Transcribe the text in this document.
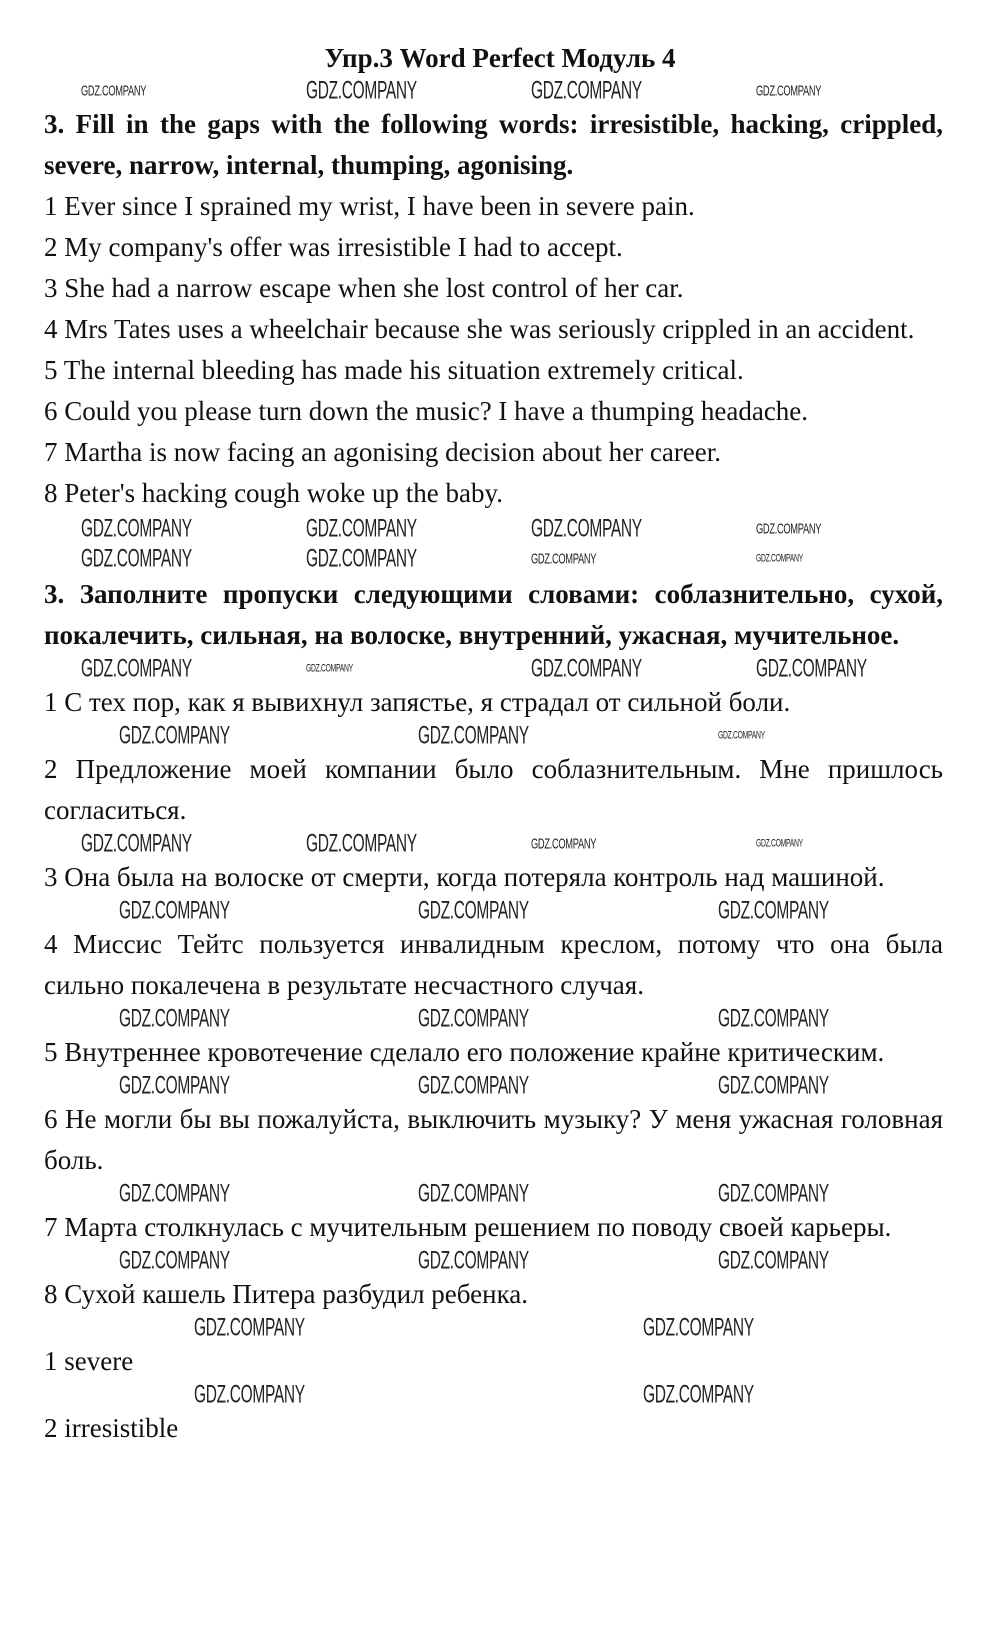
Упр.3 Word Perfect Модуль 4
GDZ.COMPANY	GDZ.COMPANY	GDZ.COMPANY	GDZ.COMPANY
3. Fill in the gaps with the following words: irresistible, hacking, crippled, severe, narrow, internal, thumping, agonising.
1 Ever since I sprained my wrist, I have been in severe pain.
2 My company's offer was irresistible I had to accept.
3 She had a narrow escape when she lost control of her car.
4 Mrs Tates uses a wheelchair because she was seriously crippled in an accident.
5 The internal bleeding has made his situation extremely critical.
6 Could you please turn down the music? I have a thumping headache.
7 Martha is now facing an agonising decision about her career.
8 Peter's hacking cough woke up the baby.
GDZ.COMPANY	GDZ.COMPANY	GDZ.COMPANY	GDZ.COMPANY
GDZ.COMPANY	GDZ.COMPANY	GDZ.COMPANY	GDZ.COMPANY
3. Заполните пропуски следующими словами: соблазнительно, сухой, покалечить, сильная, на волоске, внутренний, ужасная, мучительное.
GDZ.COMPANY	GDZ.COMPANY	GDZ.COMPANY	GDZ.COMPANY
1 С тех пор, как я вывихнул запястье, я страдал от сильной боли.
GDZ.COMPANY	GDZ.COMPANY	GDZ.COMPANY
2 Предложение моей компании было соблазнительным. Мне пришлось согласиться.
GDZ.COMPANY	GDZ.COMPANY	GDZ.COMPANY	GDZ.COMPANY
3 Она была на волоске от смерти, когда потеряла контроль над машиной.
GDZ.COMPANY	GDZ.COMPANY	GDZ.COMPANY
4 Миссис Тейтс пользуется инвалидным креслом, потому что она была сильно покалечена в результате несчастного случая.
GDZ.COMPANY	GDZ.COMPANY	GDZ.COMPANY
5 Внутреннее кровотечение сделало его положение крайне критическим.
GDZ.COMPANY	GDZ.COMPANY	GDZ.COMPANY
6 Не могли бы вы пожалуйста, выключить музыку? У меня ужасная головная боль.
GDZ.COMPANY	GDZ.COMPANY	GDZ.COMPANY
7 Марта столкнулась с мучительным решением по поводу своей карьеры.
GDZ.COMPANY	GDZ.COMPANY	GDZ.COMPANY
8 Сухой кашель Питера разбудил ребенка.
GDZ.COMPANY	GDZ.COMPANY
1 severe
GDZ.COMPANY	GDZ.COMPANY
2 irresistible
